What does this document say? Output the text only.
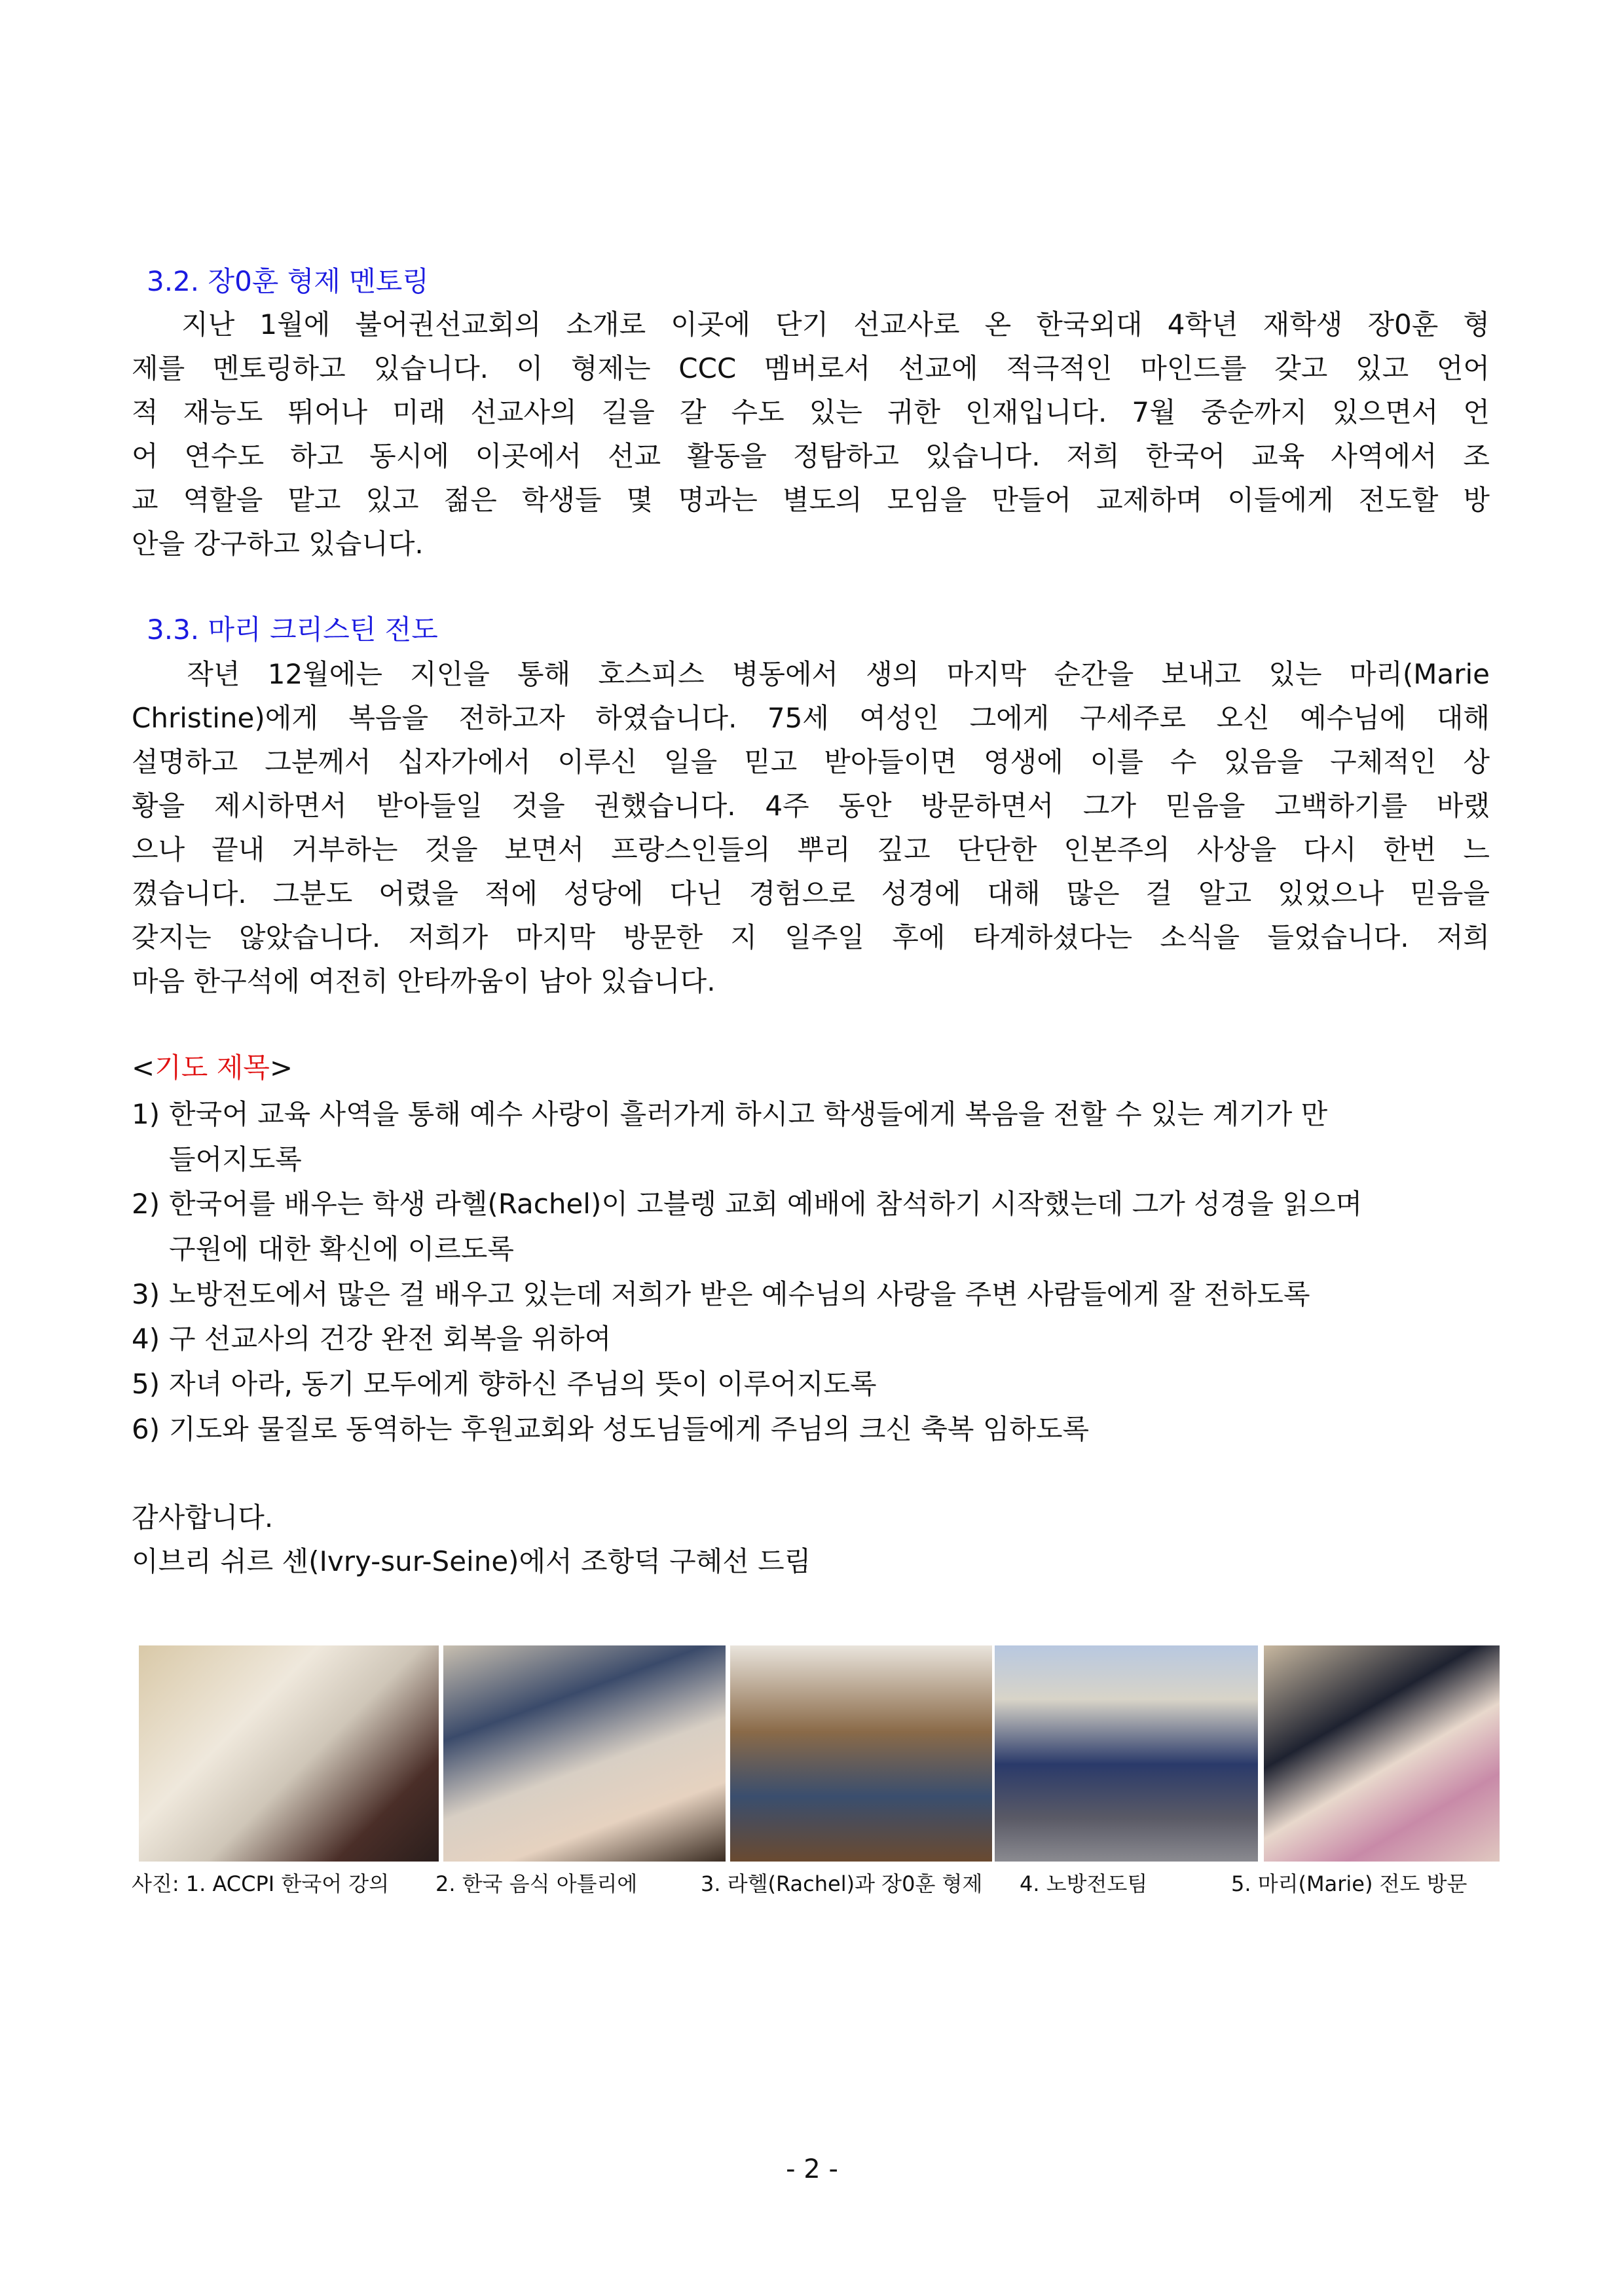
3.2. 장0훈 형제 멘토링
지난 1월에 불어권선교회의 소개로 이곳에 단기 선교사로 온 한국외대 4학년 재학생 장0훈 형
제를 멘토링하고 있습니다. 이 형제는 CCC 멤버로서 선교에 적극적인 마인드를 갖고 있고 언어
적 재능도 뛰어나 미래 선교사의 길을 갈 수도 있는 귀한 인재입니다. 7월 중순까지 있으면서 언
어 연수도 하고 동시에 이곳에서 선교 활동을 정탐하고 있습니다. 저희 한국어 교육 사역에서 조
교 역할을 맡고 있고 젊은 학생들 몇 명과는 별도의 모임을 만들어 교제하며 이들에게 전도할 방
안을 강구하고 있습니다.
3.3. 마리 크리스틴 전도
작년 12월에는 지인을 통해 호스피스 병동에서 생의 마지막 순간을 보내고 있는 마리(Marie
Christine)에게 복음을 전하고자 하였습니다. 75세 여성인 그에게 구세주로 오신 예수님에 대해
설명하고 그분께서 십자가에서 이루신 일을 믿고 받아들이면 영생에 이를 수 있음을 구체적인 상
황을 제시하면서 받아들일 것을 권했습니다. 4주 동안 방문하면서 그가 믿음을 고백하기를 바랬
으나 끝내 거부하는 것을 보면서 프랑스인들의 뿌리 깊고 단단한 인본주의 사상을 다시 한번 느
꼈습니다. 그분도 어렸을 적에 성당에 다닌 경험으로 성경에 대해 많은 걸 알고 있었으나 믿음을
갖지는 않았습니다. 저희가 마지막 방문한 지 일주일 후에 타계하셨다는 소식을 들었습니다. 저희
마음 한구석에 여전히 안타까움이 남아 있습니다.
<기도 제목>
1) 한국어 교육 사역을 통해 예수 사랑이 흘러가게 하시고 학생들에게 복음을 전할 수 있는 계기가 만
들어지도록
2) 한국어를 배우는 학생 라헬(Rachel)이 고블렝 교회 예배에 참석하기 시작했는데 그가 성경을 읽으며
구원에 대한 확신에 이르도록
3) 노방전도에서 많은 걸 배우고 있는데 저희가 받은 예수님의 사랑을 주변 사람들에게 잘 전하도록
4) 구 선교사의 건강 완전 회복을 위하여
5) 자녀 아라, 동기 모두에게 향하신 주님의 뜻이 이루어지도록
6) 기도와 물질로 동역하는 후원교회와 성도님들에게 주님의 크신 축복 임하도록
감사합니다.
이브리 쉬르 센(Ivry-sur-Seine)에서 조항덕 구혜선 드림
사진: 1. ACCPI 한국어 강의 2. 한국 음식 아틀리에	3. 라헬(Rachel)과 장0훈 형제 4. 노방전도팀	5. 마리(Marie) 전도 방문
- 2 -
